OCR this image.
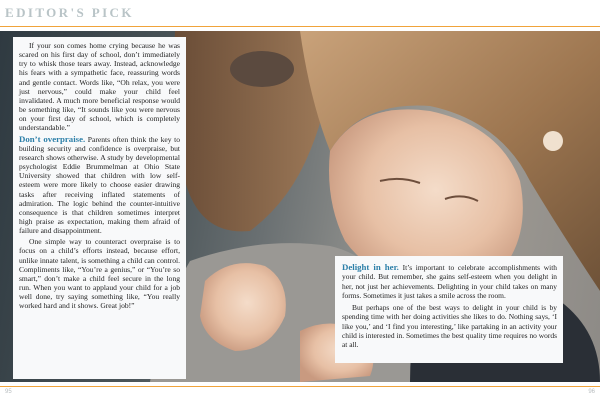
EDITOR'S PICK

If your son comes home crying because he was scared on his first day of school, don’t immediately try to whisk those tears away. Instead, acknowledge his fears with a sympathetic face, reassuring words and gentle contact. Words like, “Oh relax, you were just nervous,” could make your child feel invalidated. A much more beneficial response would be something like, “It sounds like you were nervous on your first day of school, which is completely understandable.”

Don’t overpraise. Parents often think the key to building security and confidence is overpraise, but research shows otherwise. A study by developmental psychologist Eddie Brummelman at Ohio State University showed that children with low self-esteem were more likely to choose easier drawing tasks after receiving inflated statements of admiration. The logic behind the counter-intuitive consequence is that children sometimes interpret high praise as expectation, making them afraid of failure and disappointment.

One simple way to counteract overpraise is to focus on a child’s efforts instead, because effort, unlike innate talent, is something a child can control. Compliments like, “You’re a genius,” or “You’re so smart,” don’t make a child feel secure in the long run. When you want to applaud your child for a job well done, try saying something like, “You really worked hard and it shows. Great job!”

Delight in her. It’s important to celebrate accomplishments with your child. But remember, she gains self-esteem when you delight in her, not just her achievements. Delighting in your child takes on many forms. Sometimes it just takes a smile across the room.

But perhaps one of the best ways to delight in your child is by spending time with her doing activities she likes to do. Nothing says, ‘I like you,’ and ‘I find you interesting,’ like partaking in an activity your child is interested in. Sometimes the best quality time requires no words at all.

95	96
